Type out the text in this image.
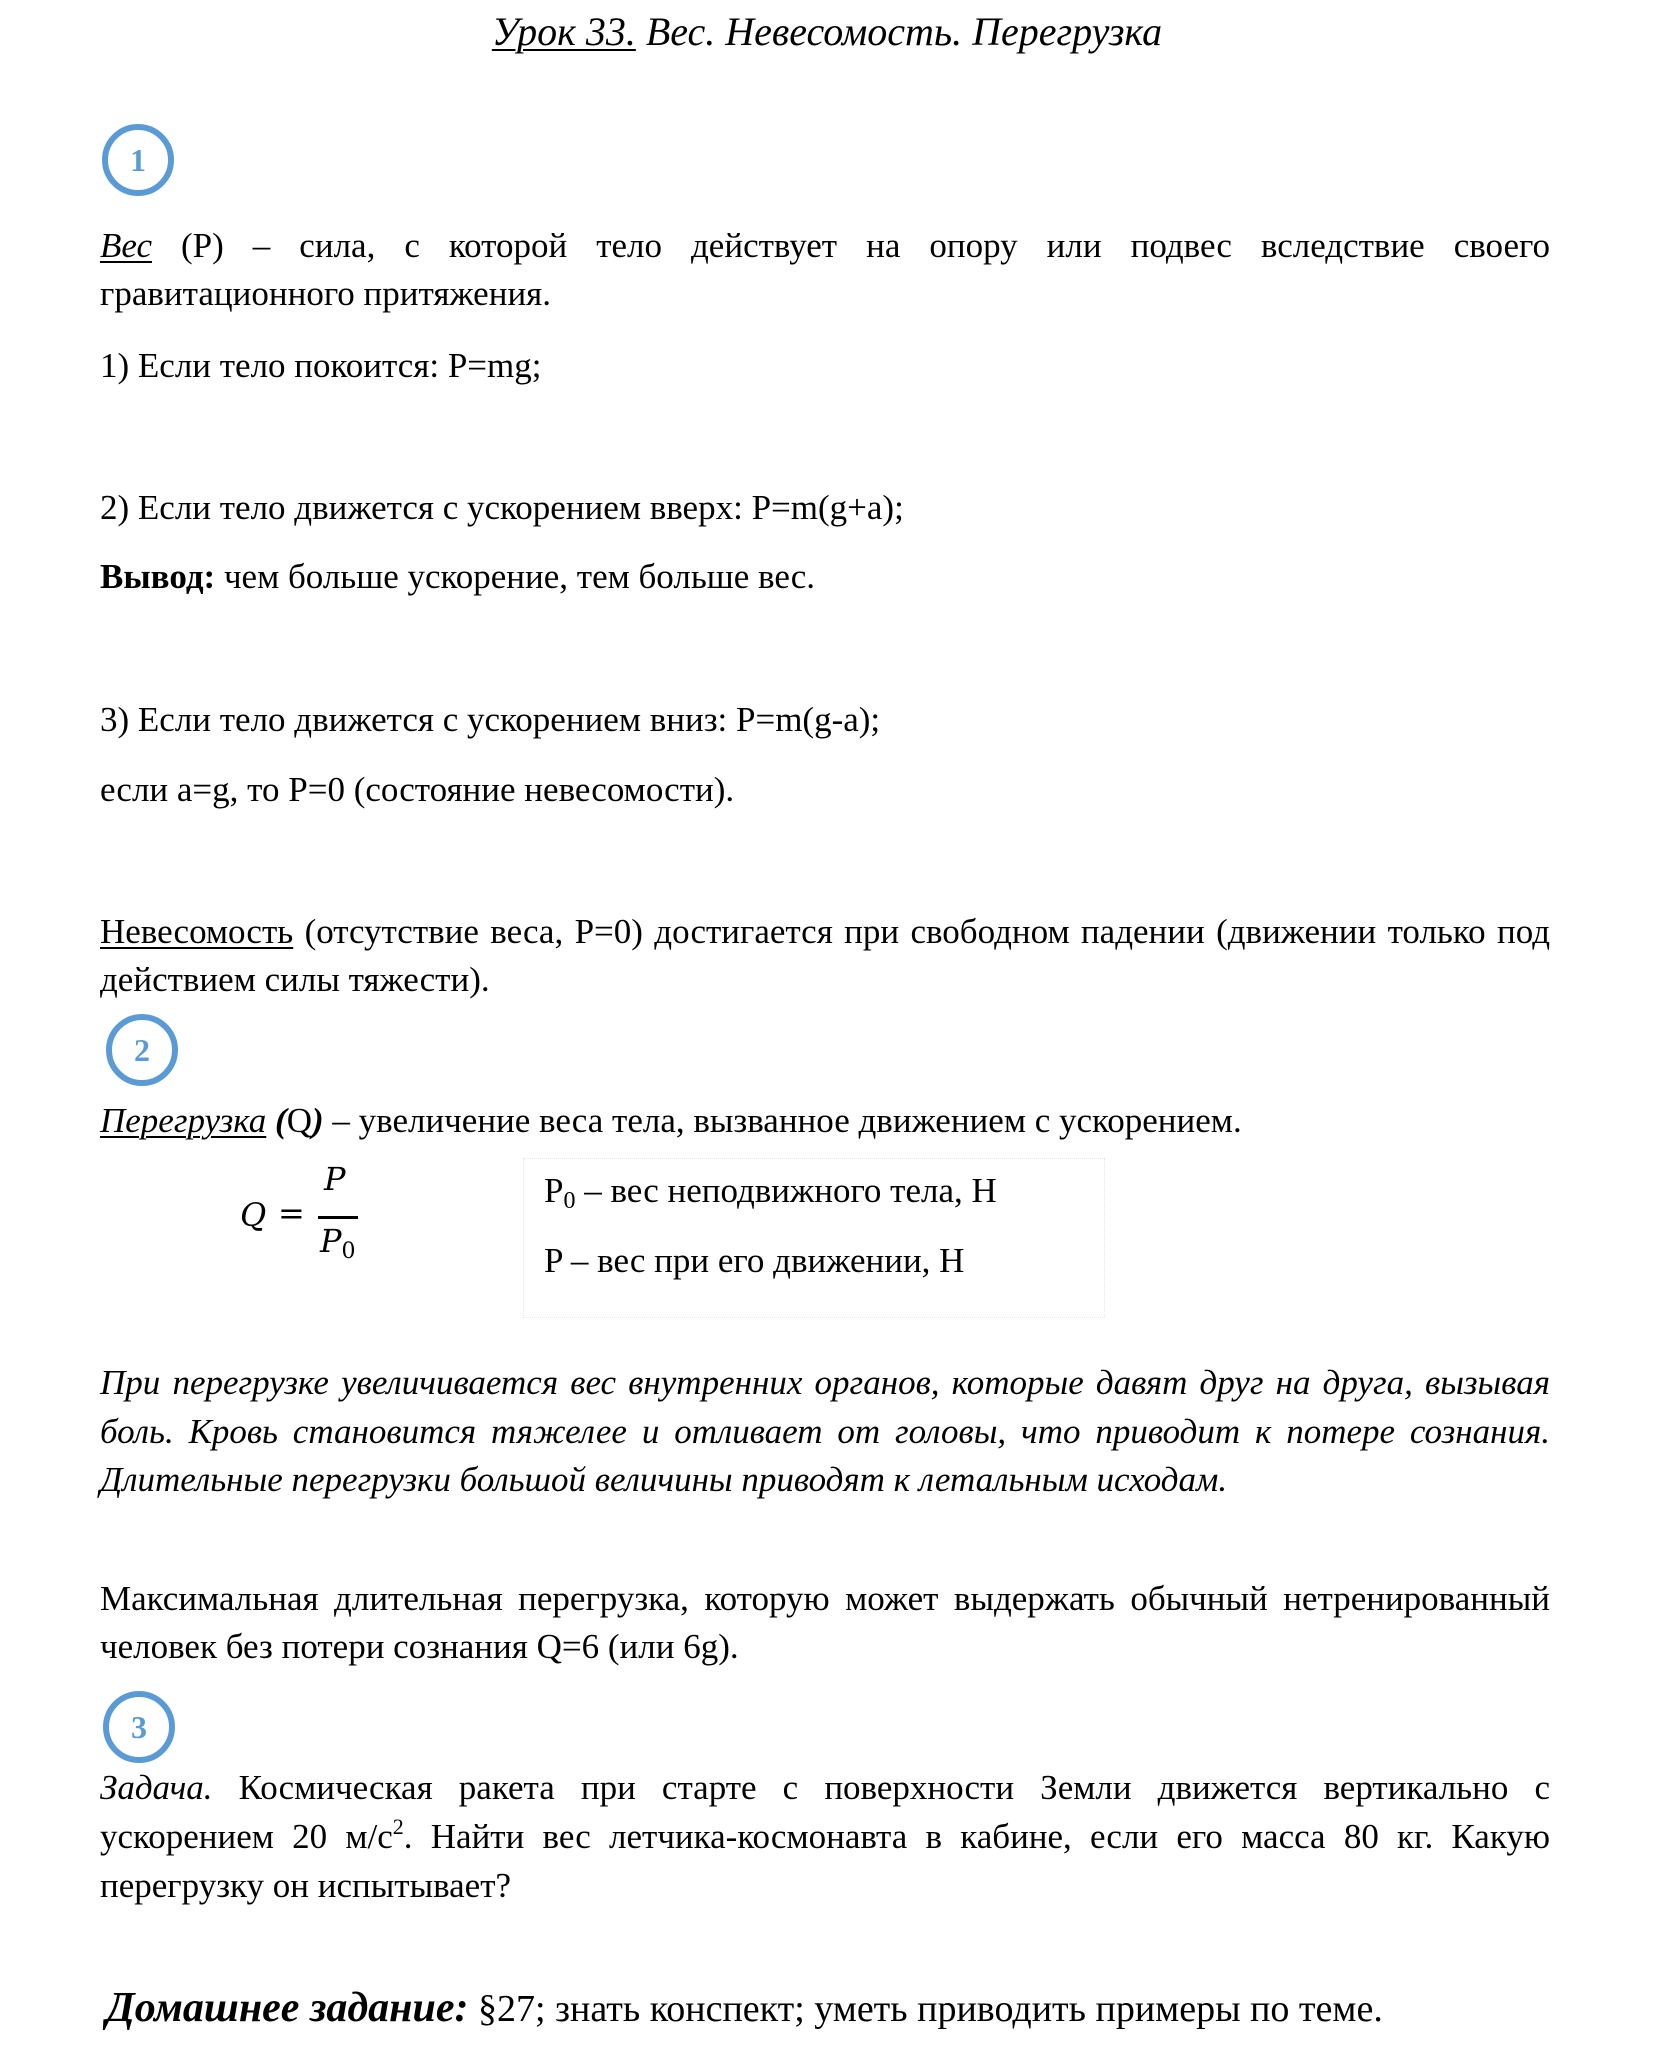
Урок 33. Вес. Невесомость. Перегрузка
1
Вес (P) – сила, с которой тело действует на опору или подвес вследствие своего гравитационного притяжения.
1) Если тело покоится: P=mg;
2) Если тело движется с ускорением вверх: P=m(g+a);
Вывод: чем больше ускорение, тем больше вес.
3) Если тело движется с ускорением вниз: P=m(g-a);
если a=g, то P=0 (состояние невесомости).
Невесомость (отсутствие веса, P=0) достигается при свободном падении (движении только под действием силы тяжести).
2
Перегрузка (Q) – увеличение веса тела, вызванное движением с ускорением.
Q =
P
$P_0$
$P_0$ – вес неподвижного тела, Н
P – вес при его движении, Н
При перегрузке увеличивается вес внутренних органов, которые давят друг на друга, вызывая боль. Кровь становится тяжелее и отливает от головы, что приводит к потере сознания. Длительные перегрузки большой величины приводят к летальным исходам.
Максимальная длительная перегрузка, которую может выдержать обычный нетренированный человек без потери сознания Q=6 (или 6g).
3
Задача. Космическая ракета при старте с поверхности Земли движется вертикально с ускорением 20 $м/с^2$. Найти вес летчика-космонавта в кабине, если его масса 80 кг. Какую перегрузку он испытывает?
Домашнее задание: §27; знать конспект; уметь приводить примеры по теме.
